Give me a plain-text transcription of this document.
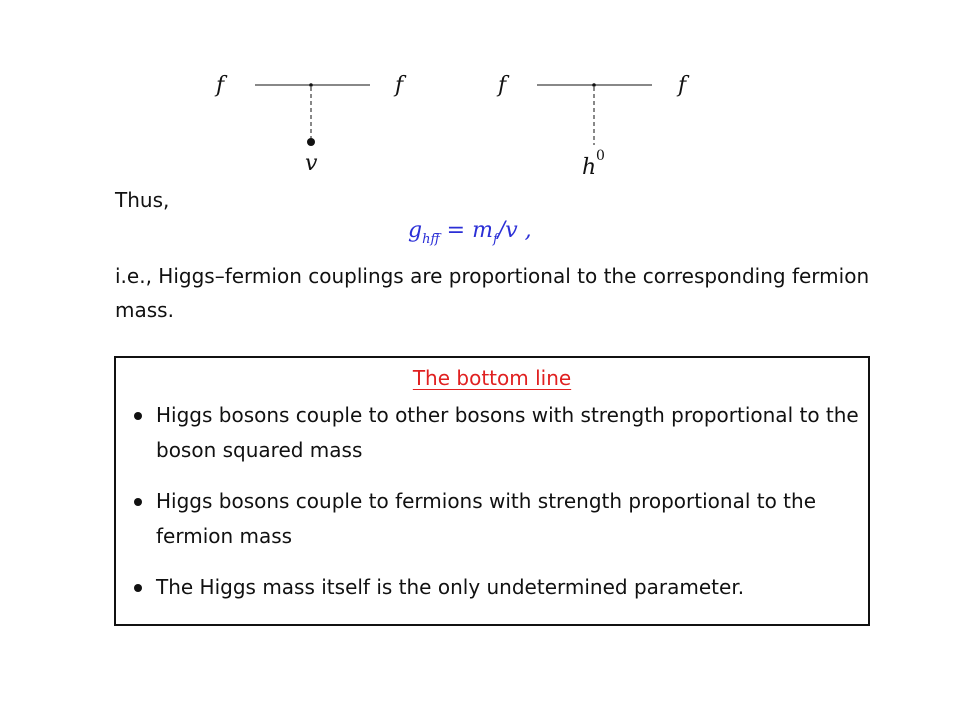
f
v
f	f
h 0
f

Thus,

$g_{hff̄} = m_f/v$ ,

i.e., Higgs–fermion couplings are proportional to the corresponding fermion mass.

The bottom line
Higgs bosons couple to other bosons with strength proportional to the boson squared mass
Higgs bosons couple to fermions with strength proportional to the fermion mass
The Higgs mass itself is the only undetermined parameter.
